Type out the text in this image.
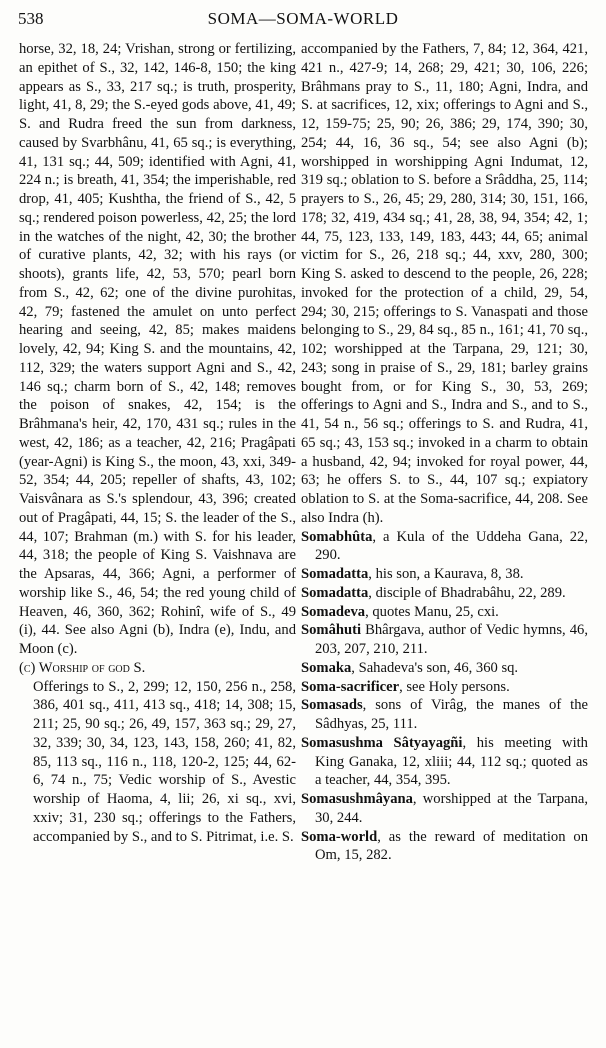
538	SOMA—SOMA-WORLD

horse, 32, 18, 24; Vrishan, strong or fertilizing, an epithet of S., 32, 142, 146-8, 150; the king appears as S., 33, 217 sq.; is truth, prosperity, light, 41, 8, 29; the S.-eyed gods above, 41, 49; S. and Rudra freed the sun from darkness, caused by Svarbhânu, 41, 65 sq.; is everything, 41, 131 sq.; 44, 509; identified with Agni, 41, 224 n.; is breath, 41, 354; the imperishable, red drop, 41, 405; Kushtha, the friend of S., 42, 5 sq.; rendered poison powerless, 42, 25; the lord in the watches of the night, 42, 30; the brother of curative plants, 42, 32; with his rays (or shoots), grants life, 42, 53, 570; pearl born from S., 42, 62; one of the divine purohitas, 42, 79; fastened the amulet on unto perfect hearing and seeing, 42, 85; makes maidens lovely, 42, 94; King S. and the mountains, 42, 112, 329; the waters support Agni and S., 42, 146 sq.; charm born of S., 42, 148; removes the poison of snakes, 42, 154; is the Brâhmana's heir, 42, 170, 431 sq.; rules in the west, 42, 186; as a teacher, 42, 216; Pragâpati (year-Agni) is King S., the moon, 43, xxi, 349-52, 354; 44, 205; repeller of shafts, 43, 102; Vaisvânara as S.'s splendour, 43, 396; created out of Pragâpati, 44, 15; S. the leader of the S., 44, 107; Brahman (m.) with S. for his leader, 44, 318; the people of King S. Vaishnava are the Apsaras, 44, 366; Agni, a performer of worship like S., 46, 54; the red young child of Heaven, 46, 360, 362; Rohinî, wife of S., 49 (i), 44. See also Agni (b), Indra (e), Indu, and Moon (c).

(c) Worship of god S.

Offerings to S., 2, 299; 12, 150, 256 n., 258, 386, 401 sq., 411, 413 sq., 418; 14, 308; 15, 211; 25, 90 sq.; 26, 49, 157, 363 sq.; 29, 27, 32, 339; 30, 34, 123, 143, 158, 260; 41, 82, 85, 113 sq., 116 n., 118, 120-2, 125; 44, 62-6, 74 n., 75; Vedic worship of S., Avestic worship of Haoma, 4, lii; 26, xi sq., xvi, xxiv; 31, 230 sq.; offerings to the Fathers, accompanied by S., and to S. Pitrimat, i.e. S.

accompanied by the Fathers, 7, 84; 12, 364, 421, 421 n., 427-9; 14, 268; 29, 421; 30, 106, 226; Brâhmans pray to S., 11, 180; Agni, Indra, and S. at sacrifices, 12, xix; offerings to Agni and S., 12, 159-75; 25, 90; 26, 386; 29, 174, 390; 30, 254; 44, 16, 36 sq., 54; see also Agni (b); worshipped in worshipping Agni Indumat, 12, 319 sq.; oblation to S. before a Srâddha, 25, 114; prayers to S., 26, 45; 29, 280, 314; 30, 151, 166, 178; 32, 419, 434 sq.; 41, 28, 38, 94, 354; 42, 1; 44, 75, 123, 133, 149, 183, 443; 44, 65; animal victim for S., 26, 218 sq.; 44, xxv, 280, 300; King S. asked to descend to the people, 26, 228; invoked for the protection of a child, 29, 54, 294; 30, 215; offerings to S. Vanaspati and those belonging to S., 29, 84 sq., 85 n., 161; 41, 70 sq., 102; worshipped at the Tarpana, 29, 121; 30, 243; song in praise of S., 29, 181; barley grains bought from, or for King S., 30, 53, 269; offerings to Agni and S., Indra and S., and to S., 41, 54 n., 56 sq.; offerings to S. and Rudra, 41, 65 sq.; 43, 153 sq.; invoked in a charm to obtain a husband, 42, 94; invoked for royal power, 44, 63; he offers S. to S., 44, 107 sq.; expiatory oblation to S. at the Soma-sacrifice, 44, 208. See also Indra (h).

Somabhûta, a Kula of the Uddeha Gana, 22, 290.

Somadatta, his son, a Kaurava, 8, 38.

Somadatta, disciple of Bhadrabâhu, 22, 289.

Somadeva, quotes Manu, 25, cxi.

Somâhuti Bhârgava, author of Vedic hymns, 46, 203, 207, 210, 211.

Somaka, Sahadeva's son, 46, 360 sq.

Soma-sacrificer, see Holy persons.

Somasads, sons of Virâg, the manes of the Sâdhyas, 25, 111.

Somasushma Sâtyayagñi, his meeting with King Ganaka, 12, xliii; 44, 112 sq.; quoted as a teacher, 44, 354, 395.

Somasushmâyana, worshipped at the Tarpana, 30, 244.

Soma-world, as the reward of meditation on Om, 15, 282.
